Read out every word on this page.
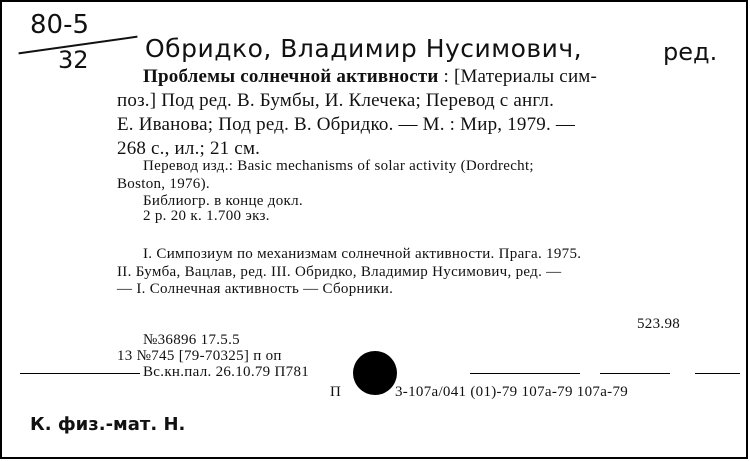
80-5
32 Обридко, Владимир Нусимович,	ред.
Проблемы солнечной активности : [Материалы сим-
поз.] Под ред. В. Бумбы, И. Клечека; Перевод с англ.
Е. Иванова; Под ред. В. Обридко. — М. : Мир, 1979. —
268 с., ил.; 21 см.
Перевод изд.: Basic mechanisms of solar activity (Dordrecht;
Boston, 1976).
Библиогр. в конце докл.
2 р. 20 к. 1.700 экз.
I. Симпозиум по механизмам солнечной активности. Прага. 1975.
II. Бумба, Вацлав, ред. III. Обридко, Владимир Нусимович, ред. —
— I. Солнечная активность — Сборники.
523.98
№36896 17.5.5
13 №745 [79-70325] п оп
Вс.кн.пал. 26.10.79 П781
П	3-107а/041 (01)-79 107а-79 107а-79
К. физ.-мат. Н.
